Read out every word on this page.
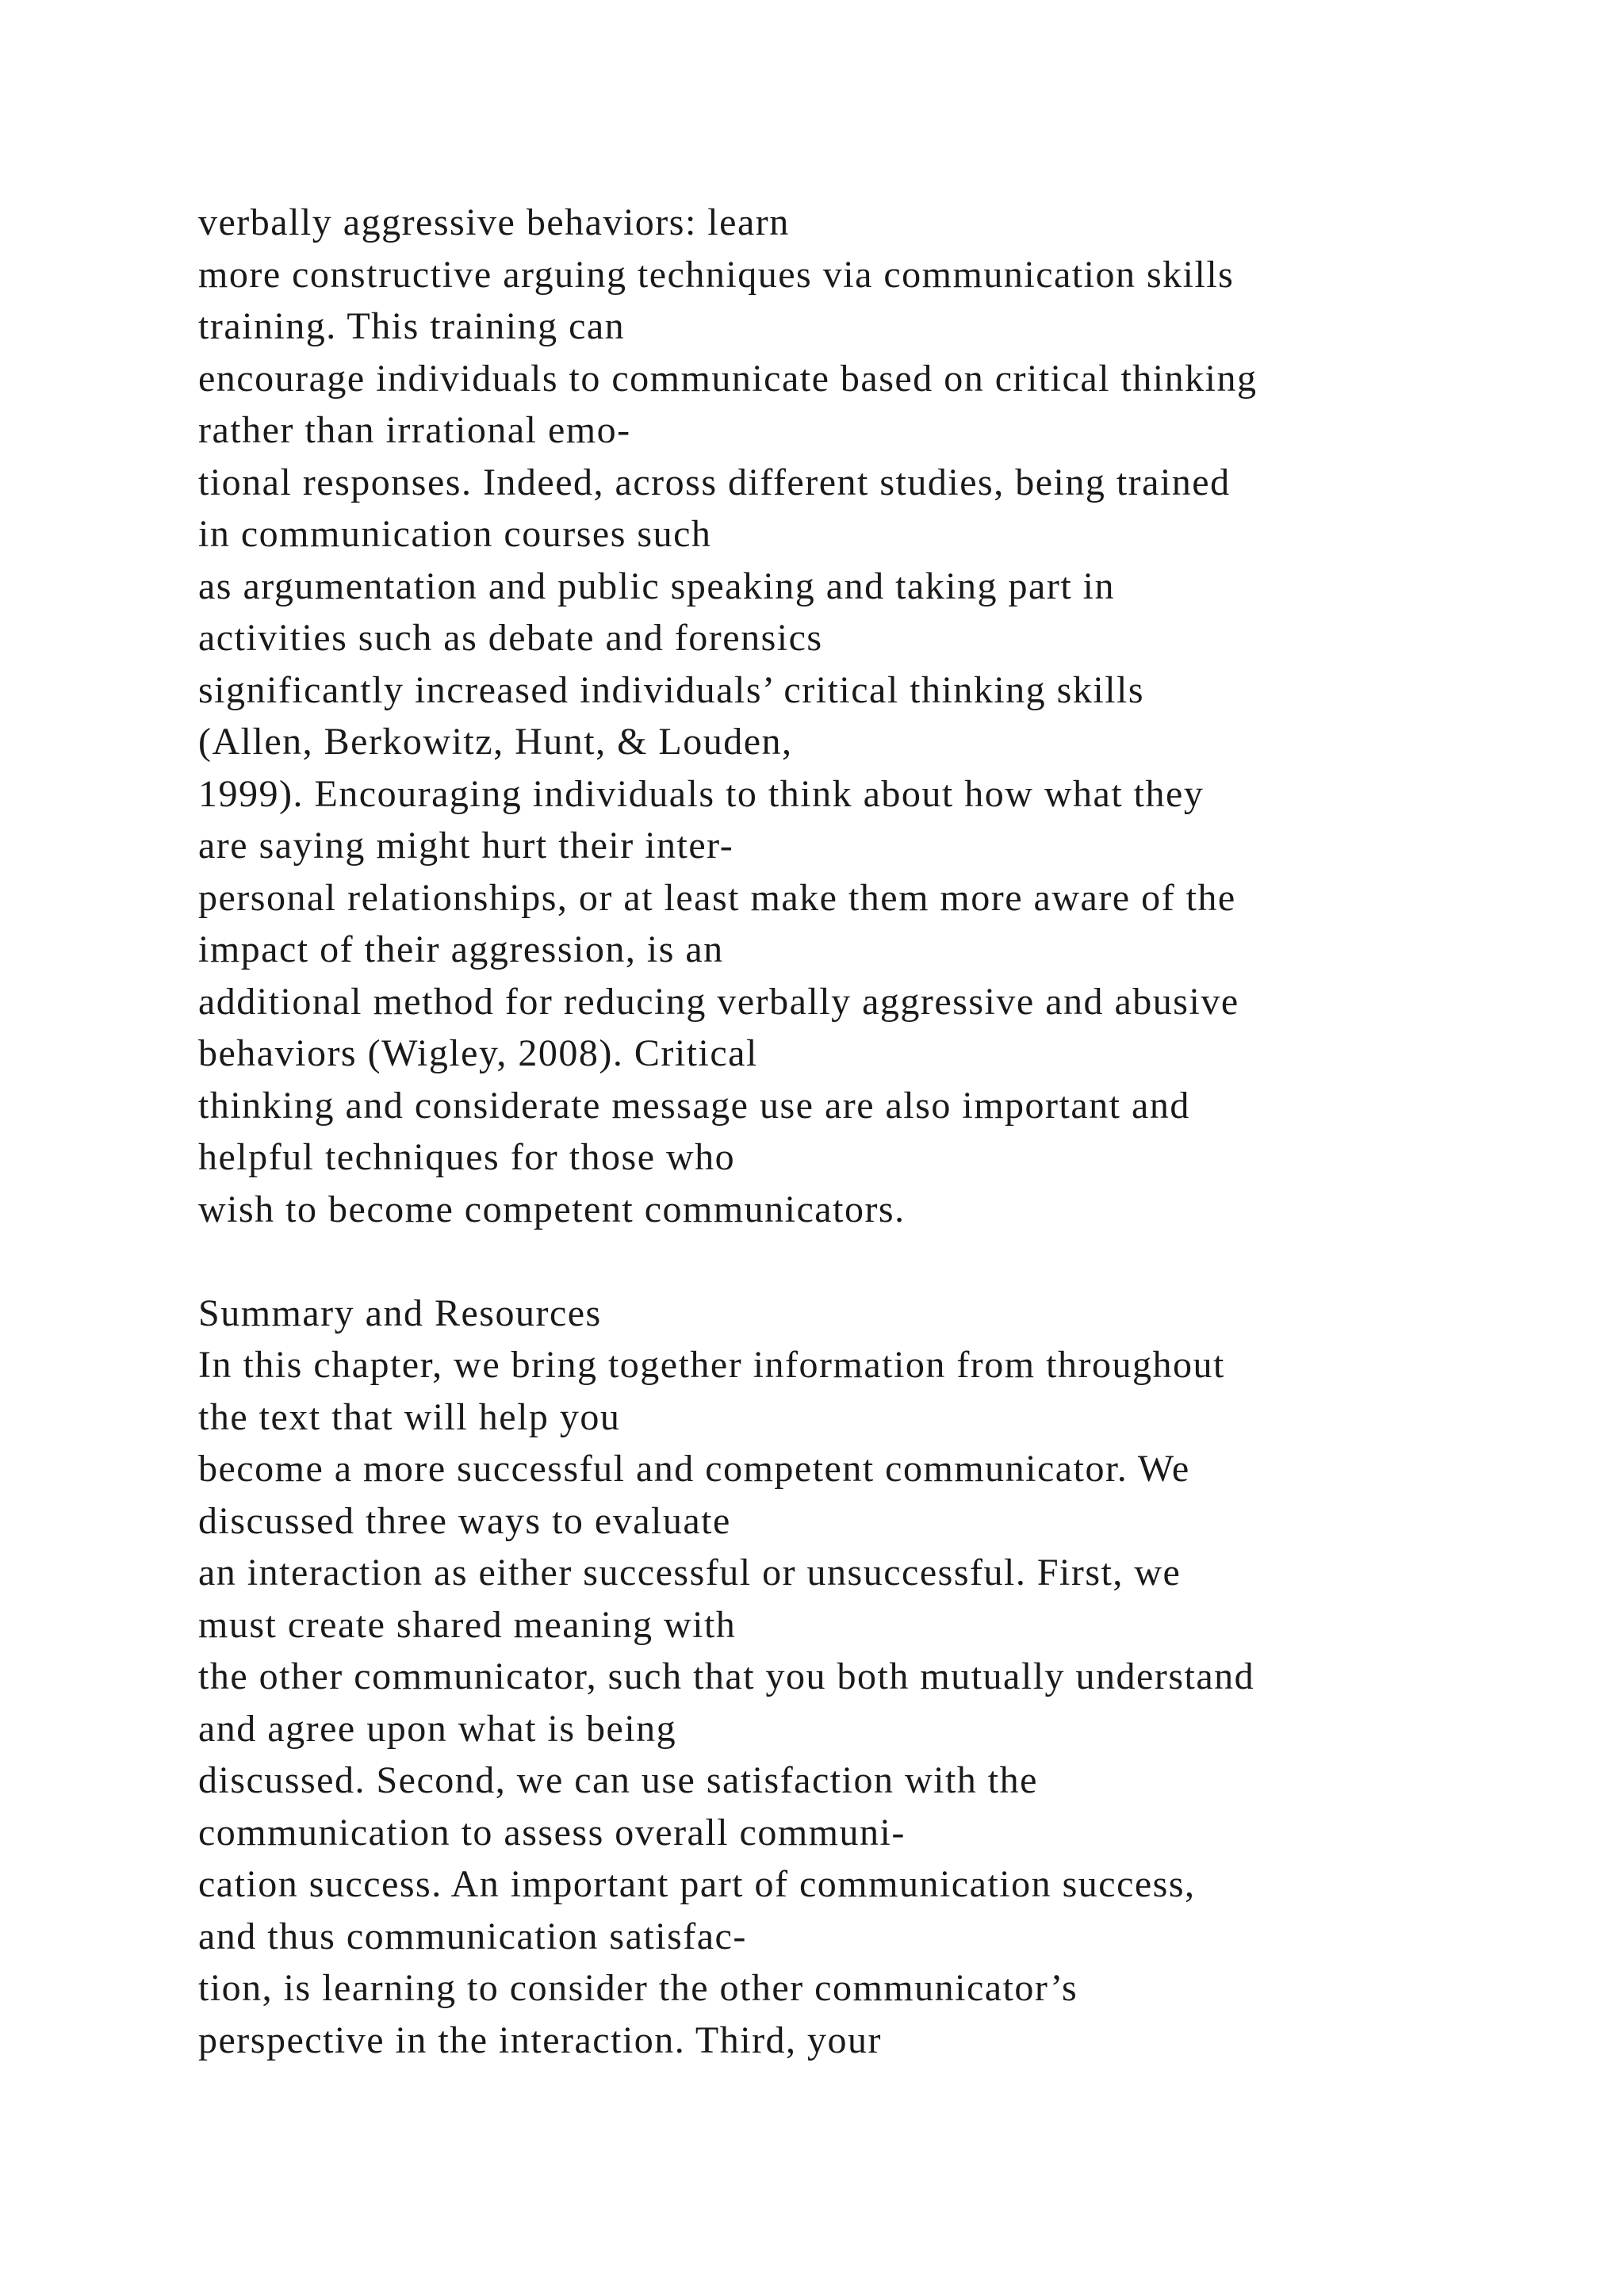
verbally aggressive behaviors: learn
more constructive arguing techniques via communication skills
training. This training can
encourage individuals to communicate based on critical thinking
rather than irrational emo-
tional responses. Indeed, across different studies, being trained
in communication courses such
as argumentation and public speaking and taking part in
activities such as debate and forensics
significantly increased individuals’ critical thinking skills
(Allen, Berkowitz, Hunt, & Louden,
1999). Encouraging individuals to think about how what they
are saying might hurt their inter-
personal relationships, or at least make them more aware of the
impact of their aggression, is an
additional method for reducing verbally aggressive and abusive
behaviors (Wigley, 2008). Critical
thinking and considerate message use are also important and
helpful techniques for those who
wish to become competent communicators.
Summary and Resources
In this chapter, we bring together information from throughout
the text that will help you
become a more successful and competent communicator. We
discussed three ways to evaluate
an interaction as either successful or unsuccessful. First, we
must create shared meaning with
the other communicator, such that you both mutually understand
and agree upon what is being
discussed. Second, we can use satisfaction with the
communication to assess overall communi-
cation success. An important part of communication success,
and thus communication satisfac-
tion, is learning to consider the other communicator’s
perspective in the interaction. Third, your
